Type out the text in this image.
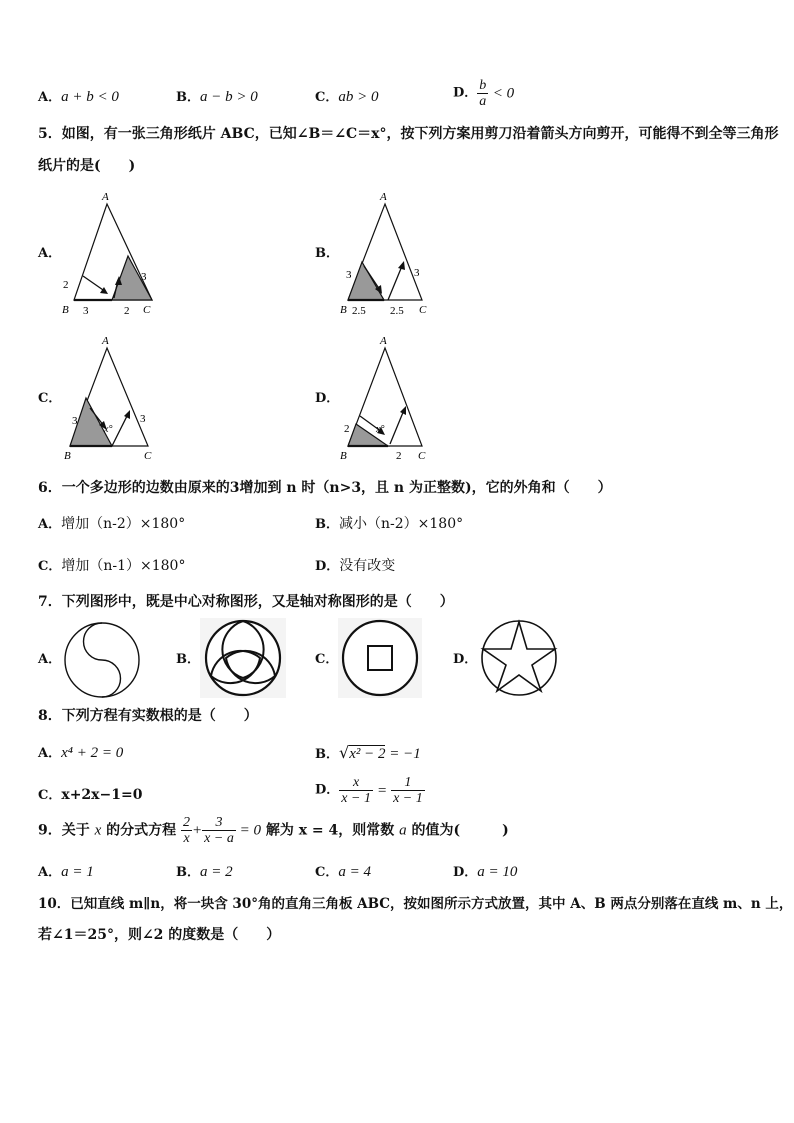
A．a + b < 0	B．a − b > 0	C．ab > 0	D． $\frac{b}{a} < 0$
5．如图，有一张三角形纸片 ABC，已知∠B＝∠C＝x°，按下列方案用剪刀沿着箭头方向剪开，可能得不到全等三角形
纸片的是(　　)
A．
A
B	C
2
3
3	2
B．
A
B	C
3	3
2.5 2.5
C．
A
B	C
3	3
x°
D．
A
B	C
2
2
x°
6．一个多边形的边数由原来的3增加到 n 时（n>3，且 n 为正整数)，它的外角和（　　）
A．增加（n-2）×180°	B．减小（n-2）×180°
C．增加（n-1）×180°	D．没有改变
7．下列图形中，既是中心对称图形，又是轴对称图形的是（　　）
A．	B．	C．	D．
8．下列方程有实数根的是（　　）
A．x⁴ + 2 = 0	B．√x² − 2 = −1
C．x+2x−1=0	D． $\frac{x}{x - 1} = \frac{1}{x - 1}$
9．关于 x 的分式方程 $\frac{2}{x} + \frac{3}{x - a} = 0$ 解为 x = 4，则常数 a 的值为(　　　)
A．a = 1	B．a = 2	C．a = 4	D．a = 10
10．已知直线 m∥n，将一块含 30°角的直角三角板 ABC，按如图所示方式放置，其中 A、B 两点分别落在直线 m、n 上，
若∠1＝25°，则∠2 的度数是（　　）
